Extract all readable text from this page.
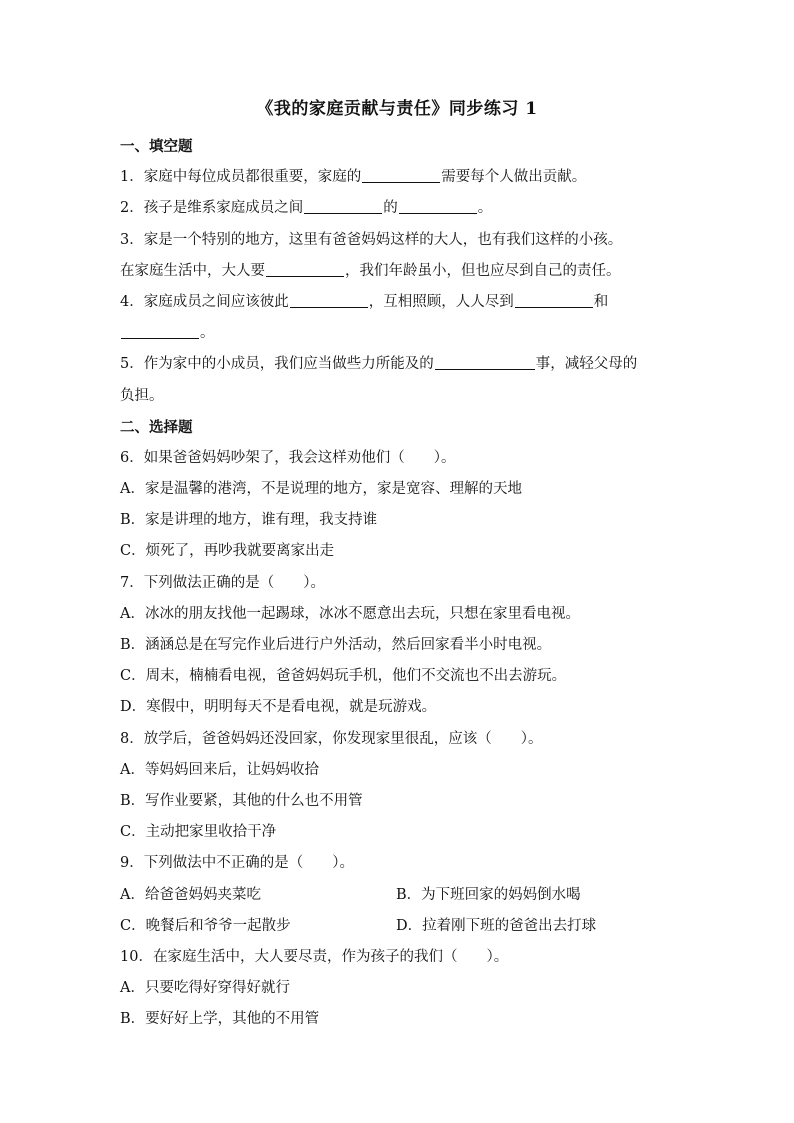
《我的家庭贡献与责任》同步练习 1
一、填空题
1．家庭中每位成员都很重要，家庭的	需要每个人做出贡献。
2．孩子是维系家庭成员之间	的	。
3．家是一个特别的地方，这里有爸爸妈妈这样的大人，也有我们这样的小孩。
在家庭生活中，大人要	，我们年龄虽小，但也应尽到自己的责任。
4．家庭成员之间应该彼此	，互相照顾，人人尽到	和
。
5．作为家中的小成员，我们应当做些力所能及的	事，减轻父母的
负担。
二、选择题
6．如果爸爸妈妈吵架了，我会这样劝他们（　　）。
A．家是温馨的港湾，不是说理的地方，家是宽容、理解的天地
B．家是讲理的地方，谁有理，我支持谁
C．烦死了，再吵我就要离家出走
7．下列做法正确的是（　　）。
A．冰冰的朋友找他一起踢球，冰冰不愿意出去玩，只想在家里看电视。
B．涵涵总是在写完作业后进行户外活动，然后回家看半小时电视。
C．周末，楠楠看电视，爸爸妈妈玩手机，他们不交流也不出去游玩。
D．寒假中，明明每天不是看电视，就是玩游戏。
8．放学后，爸爸妈妈还没回家，你发现家里很乱，应该（　　）。
A．等妈妈回来后，让妈妈收拾
B．写作业要紧，其他的什么也不用管
C．主动把家里收拾干净
9．下列做法中不正确的是（　　）。
A．给爸爸妈妈夹菜吃	B．为下班回家的妈妈倒水喝
C．晚餐后和爷爷一起散步	D．拉着刚下班的爸爸出去打球
10．在家庭生活中，大人要尽责，作为孩子的我们（　　）。
A．只要吃得好穿得好就行
B．要好好上学，其他的不用管
